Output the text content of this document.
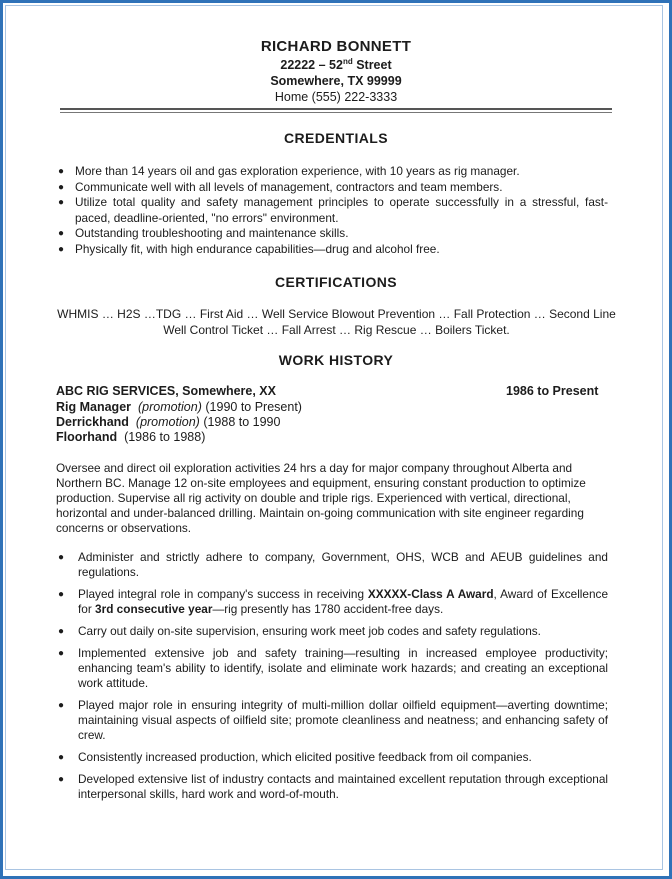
RICHARD BONNETT
22222 – 52nd Street
Somewhere, TX 99999
Home (555) 222-3333
CREDENTIALS
● More than 14 years oil and gas exploration experience, with 10 years as rig manager.
● Communicate well with all levels of management, contractors and team members.
● Utilize total quality and safety management principles to operate successfully in a stressful, fast-paced, deadline-oriented, "no errors" environment.
● Outstanding troubleshooting and maintenance skills.
● Physically fit, with high endurance capabilities—drug and alcohol free.
CERTIFICATIONS
WHMIS … H2S …TDG … First Aid … Well Service Blowout Prevention … Fall Protection … Second Line Well Control Ticket … Fall Arrest … Rig Rescue … Boilers Ticket.
WORK HISTORY
ABC RIG SERVICES, Somewhere, XX	1986 to Present
Rig Manager (promotion) (1990 to Present)
Derrickhand (promotion) (1988 to 1990
Floorhand (1986 to 1988)
Oversee and direct oil exploration activities 24 hrs a day for major company throughout Alberta and Northern BC. Manage 12 on-site employees and equipment, ensuring constant production to optimize production. Supervise all rig activity on double and triple rigs. Experienced with vertical, directional, horizontal and under-balanced drilling. Maintain on-going communication with site engineer regarding concerns or observations.
● Administer and strictly adhere to company, Government, OHS, WCB and AEUB guidelines and regulations.
● Played integral role in company's success in receiving XXXXX-Class A Award, Award of Excellence for 3rd consecutive year—rig presently has 1780 accident-free days.
● Carry out daily on-site supervision, ensuring work meet job codes and safety regulations.
● Implemented extensive job and safety training—resulting in increased employee productivity; enhancing team's ability to identify, isolate and eliminate work hazards; and creating an exceptional work attitude.
● Played major role in ensuring integrity of multi-million dollar oilfield equipment—averting downtime; maintaining visual aspects of oilfield site; promote cleanliness and neatness; and enhancing safety of crew.
● Consistently increased production, which elicited positive feedback from oil companies.
● Developed extensive list of industry contacts and maintained excellent reputation through exceptional interpersonal skills, hard work and word-of-mouth.
